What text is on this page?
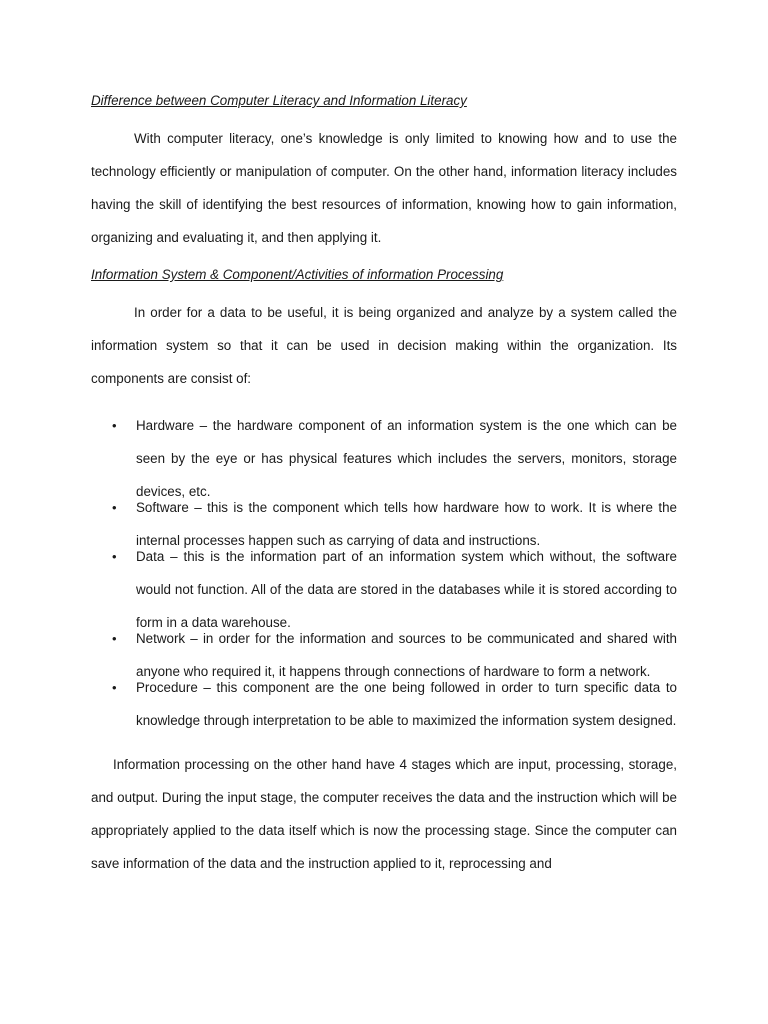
Difference between Computer Literacy and Information Literacy

With computer literacy, one’s knowledge is only limited to knowing how and to use the technology efficiently or manipulation of computer. On the other hand, information literacy includes having the skill of identifying the best resources of information, knowing how to gain information, organizing and evaluating it, and then applying it.

Information System & Component/Activities of information Processing

In order for a data to be useful, it is being organized and analyze by a system called the information system so that it can be used in decision making within the organization. Its components are consist of:

• Hardware – the hardware component of an information system is the one which can be seen by the eye or has physical features which includes the servers, monitors, storage devices, etc.
• Software – this is the component which tells how hardware how to work. It is where the internal processes happen such as carrying of data and instructions.
• Data – this is the information part of an information system which without, the software would not function. All of the data are stored in the databases while it is stored according to form in a data warehouse.
• Network – in order for the information and sources to be communicated and shared with anyone who required it, it happens through connections of hardware to form a network.
• Procedure – this component are the one being followed in order to turn specific data to knowledge through interpretation to be able to maximized the information system designed.

Information processing on the other hand have 4 stages which are input, processing, storage, and output. During the input stage, the computer receives the data and the instruction which will be appropriately applied to the data itself which is now the processing stage. Since the computer can save information of the data and the instruction applied to it, reprocessing and
